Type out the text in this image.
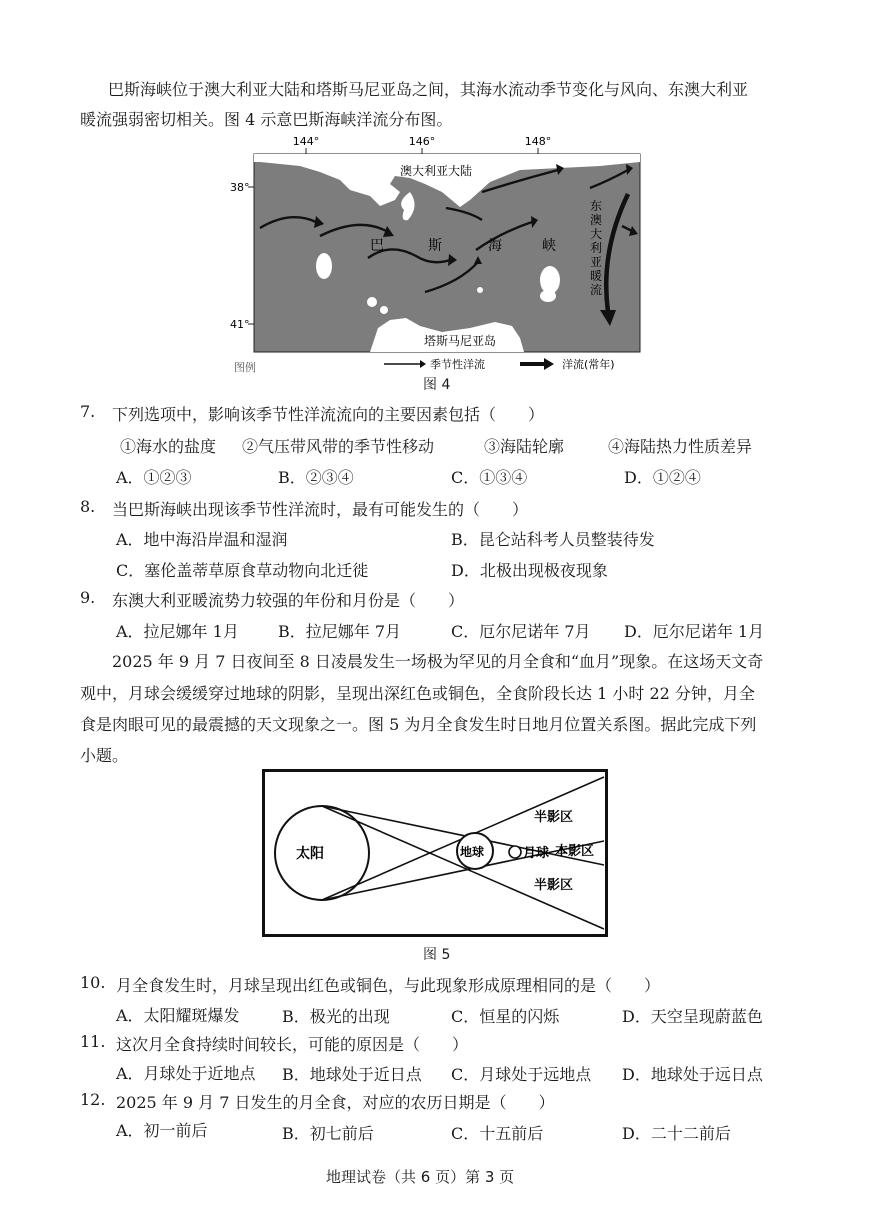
巴斯海峡位于澳大利亚大陆和塔斯马尼亚岛之间，其海水流动季节变化与风向、东澳大利亚
暖流强弱密切相关。图 4 示意巴斯海峡洋流分布图。
144°	146°	148°
38°
41°
澳大利亚大陆
巴	斯	海	峡
东
澳
大
利
亚
暖
流
塔斯马尼亚岛
图例	季节性洋流	洋流(常年)
图 4
7. 下列选项中，影响该季节性洋流流向的主要因素包括（　　）
①海水的盐度 ②气压带风带的季节性移动	③海陆轮廓	④海陆热力性质差异
A．①②③	B．②③④	C．①③④	D．①②④
8. 当巴斯海峡出现该季节性洋流时，最有可能发生的（　　）
A．地中海沿岸温和湿润	B．昆仑站科考人员整装待发
C．塞伦盖蒂草原食草动物向北迁徙	D．北极出现极夜现象
9. 东澳大利亚暖流势力较强的年份和月份是（　　）
A．拉尼娜年 1月 B．拉尼娜年 7月	C．厄尔尼诺年 7月 D．厄尔尼诺年 1月
2025 年 9 月 7 日夜间至 8 日凌晨发生一场极为罕见的月全食和“血月”现象。在这场天文奇
观中，月球会缓缓穿过地球的阴影，呈现出深红色或铜色，全食阶段长达 1 小时 22 分钟，月全
食是肉眼可见的最震撼的天文现象之一。图 5 为月全食发生时日地月位置关系图。据此完成下列
小题。
太阳	地球	月球 本影区
半影区
半影区
图 5
10. 月全食发生时，月球呈现出红色或铜色，与此现象形成原理相同的是（　　）
A．太阳耀斑爆发	B．极光的出现	C．恒星的闪烁	D．天空呈现蔚蓝色
11. 这次月全食持续时间较长，可能的原因是（　　）
A．月球处于近地点 B．地球处于近日点 C．月球处于远地点 D．地球处于远日点
12. 2025 年 9 月 7 日发生的月全食，对应的农历日期是（　　）
A．初一前后	B．初七前后	C．十五前后	D．二十二前后
地理试卷（共 6 页）第 3 页
